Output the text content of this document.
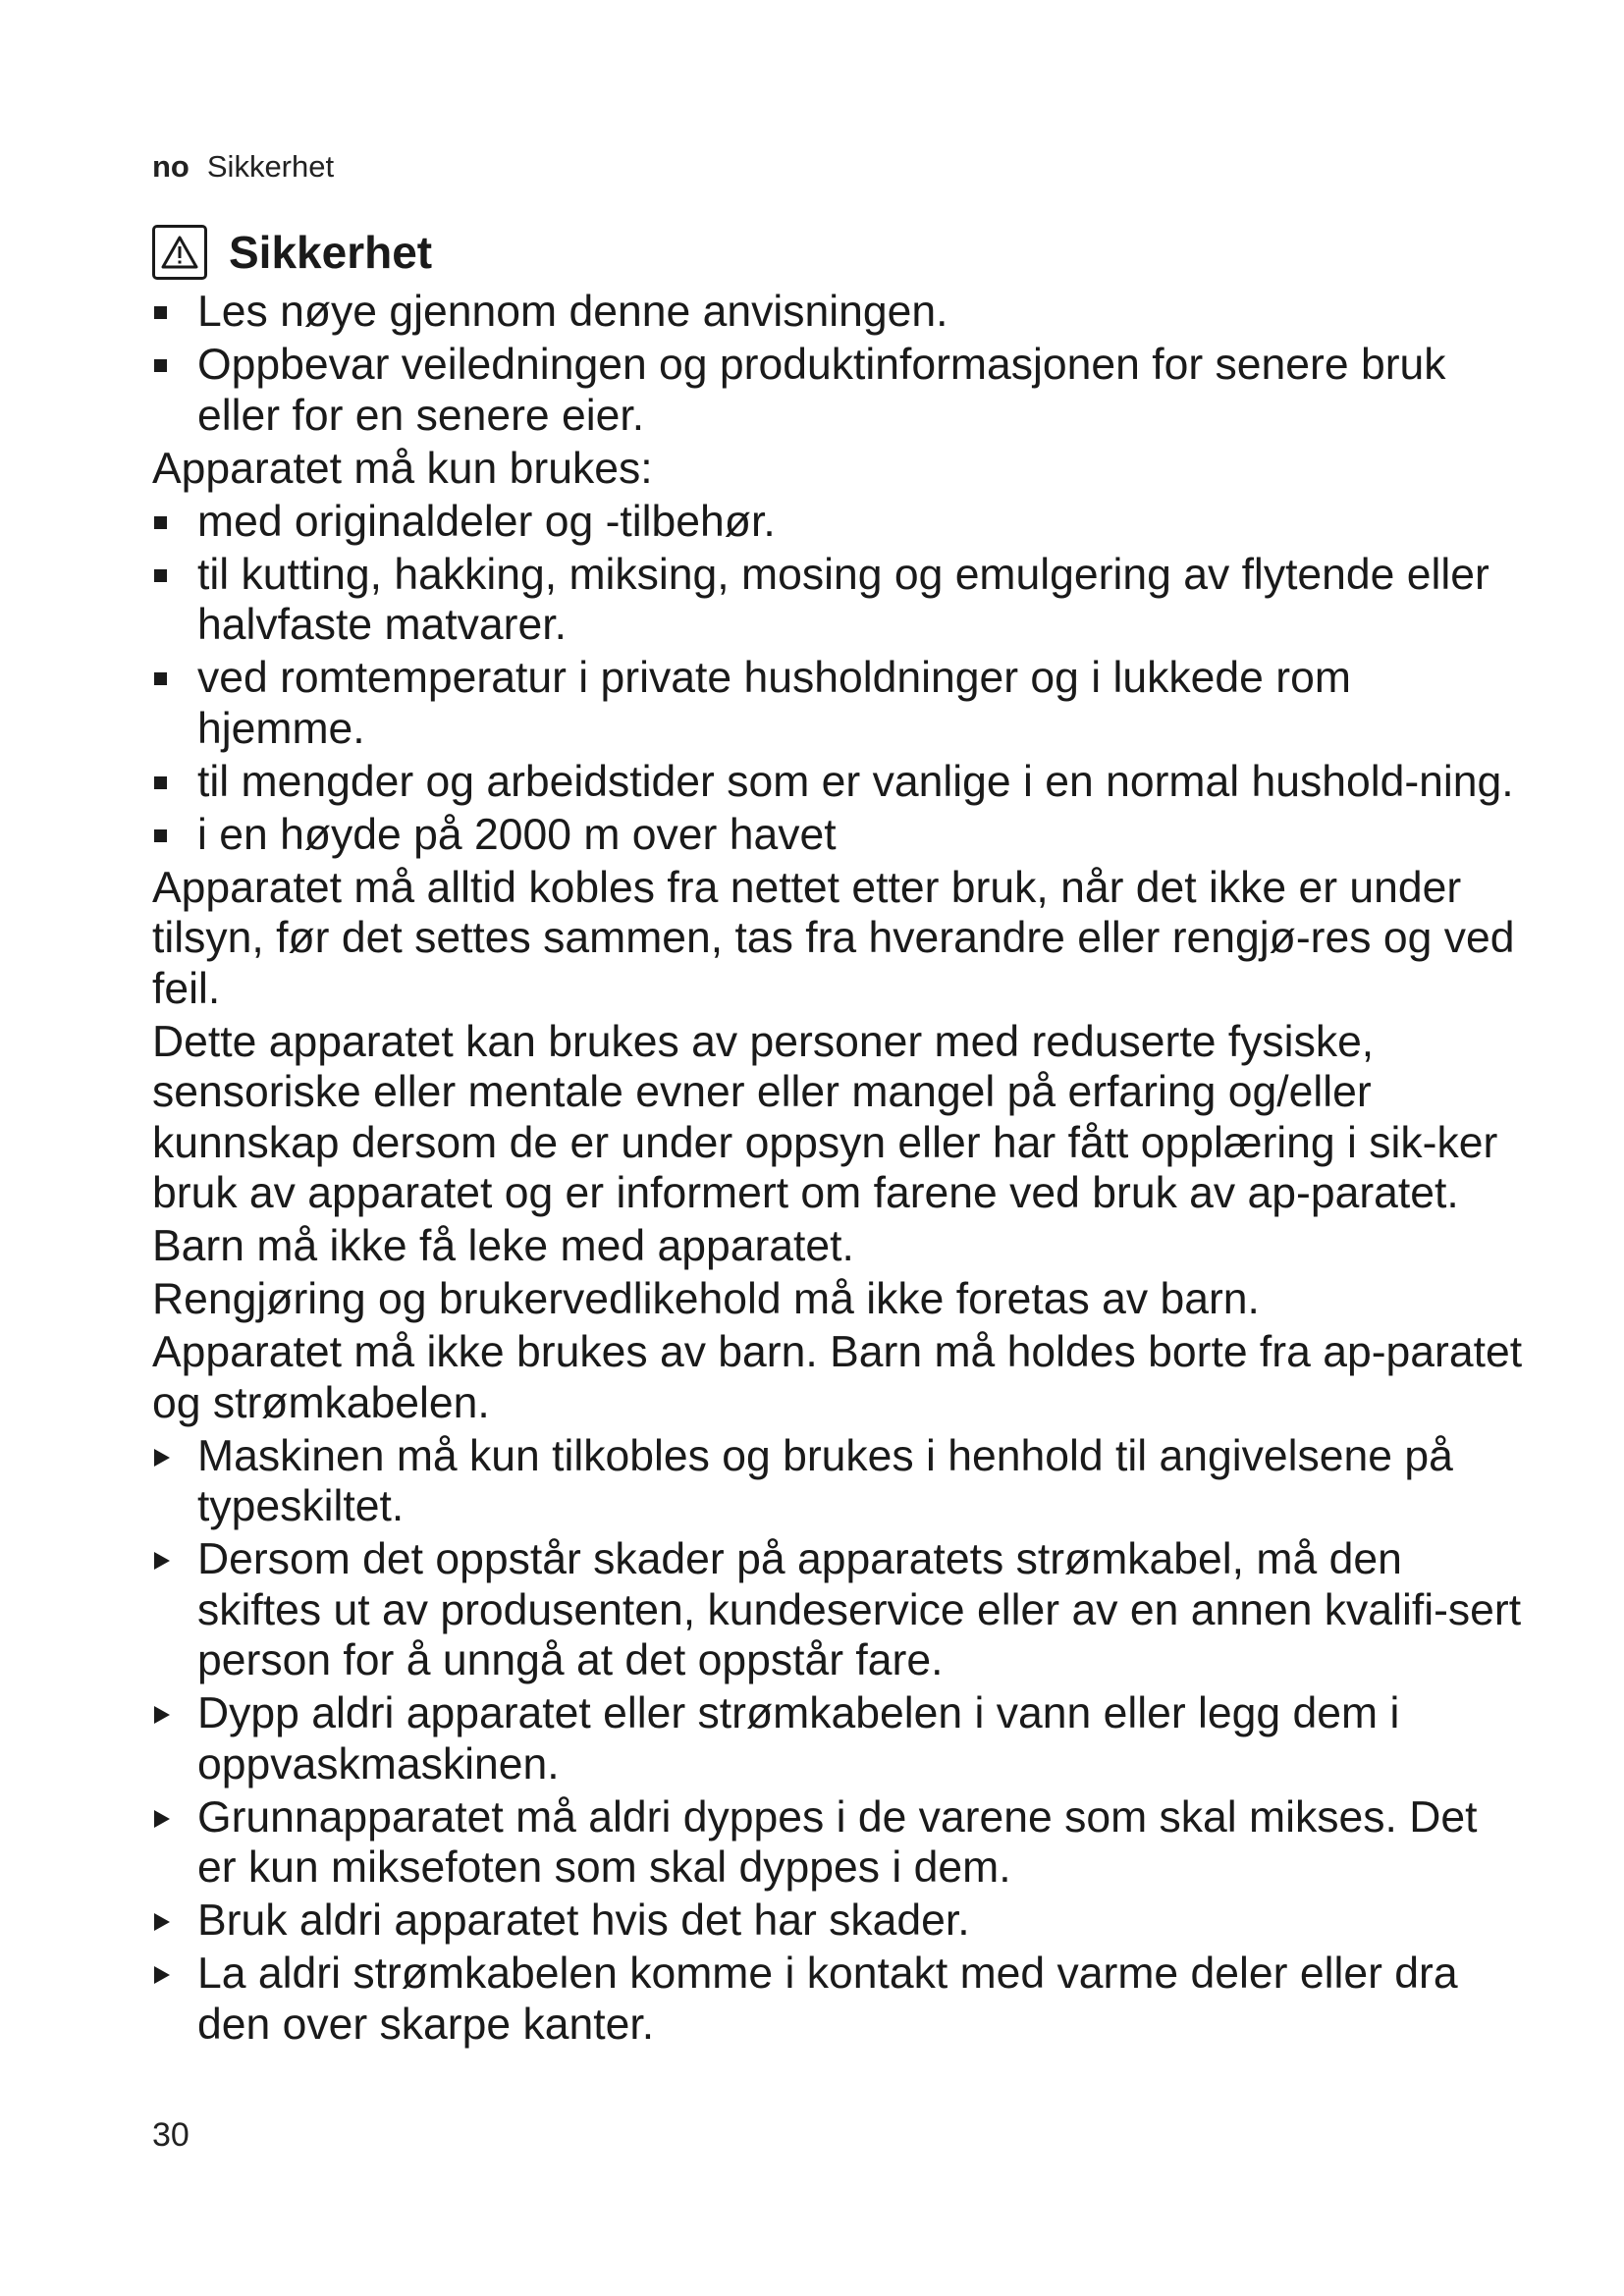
no Sikkerhet
Sikkerhet
Les nøye gjennom denne anvisningen.
Oppbevar veiledningen og produktinformasjonen for senere bruk eller for en senere eier.
Apparatet må kun brukes:
med originaldeler og -tilbehør.
til kutting, hakking, miksing, mosing og emulgering av flytende eller halvfaste matvarer.
ved romtemperatur i private husholdninger og i lukkede rom hjemme.
til mengder og arbeidstider som er vanlige i en normal hushold-ning.
i en høyde på 2000 m over havet
Apparatet må alltid kobles fra nettet etter bruk, når det ikke er under tilsyn, før det settes sammen, tas fra hverandre eller rengjø-res og ved feil.
Dette apparatet kan brukes av personer med reduserte fysiske, sensoriske eller mentale evner eller mangel på erfaring og/eller kunnskap dersom de er under oppsyn eller har fått opplæring i sik-ker bruk av apparatet og er informert om farene ved bruk av ap-paratet.
Barn må ikke få leke med apparatet.
Rengjøring og brukervedlikehold må ikke foretas av barn.
Apparatet må ikke brukes av barn. Barn må holdes borte fra ap-paratet og strømkabelen.
Maskinen må kun tilkobles og brukes i henhold til angivelsene på typeskiltet.
Dersom det oppstår skader på apparatets strømkabel, må den skiftes ut av produsenten, kundeservice eller av en annen kvalifi-sert person for å unngå at det oppstår fare.
Dypp aldri apparatet eller strømkabelen i vann eller legg dem i oppvaskmaskinen.
Grunnapparatet må aldri dyppes i de varene som skal mikses. Det er kun miksefoten som skal dyppes i dem.
Bruk aldri apparatet hvis det har skader.
La aldri strømkabelen komme i kontakt med varme deler eller dra den over skarpe kanter.
30
